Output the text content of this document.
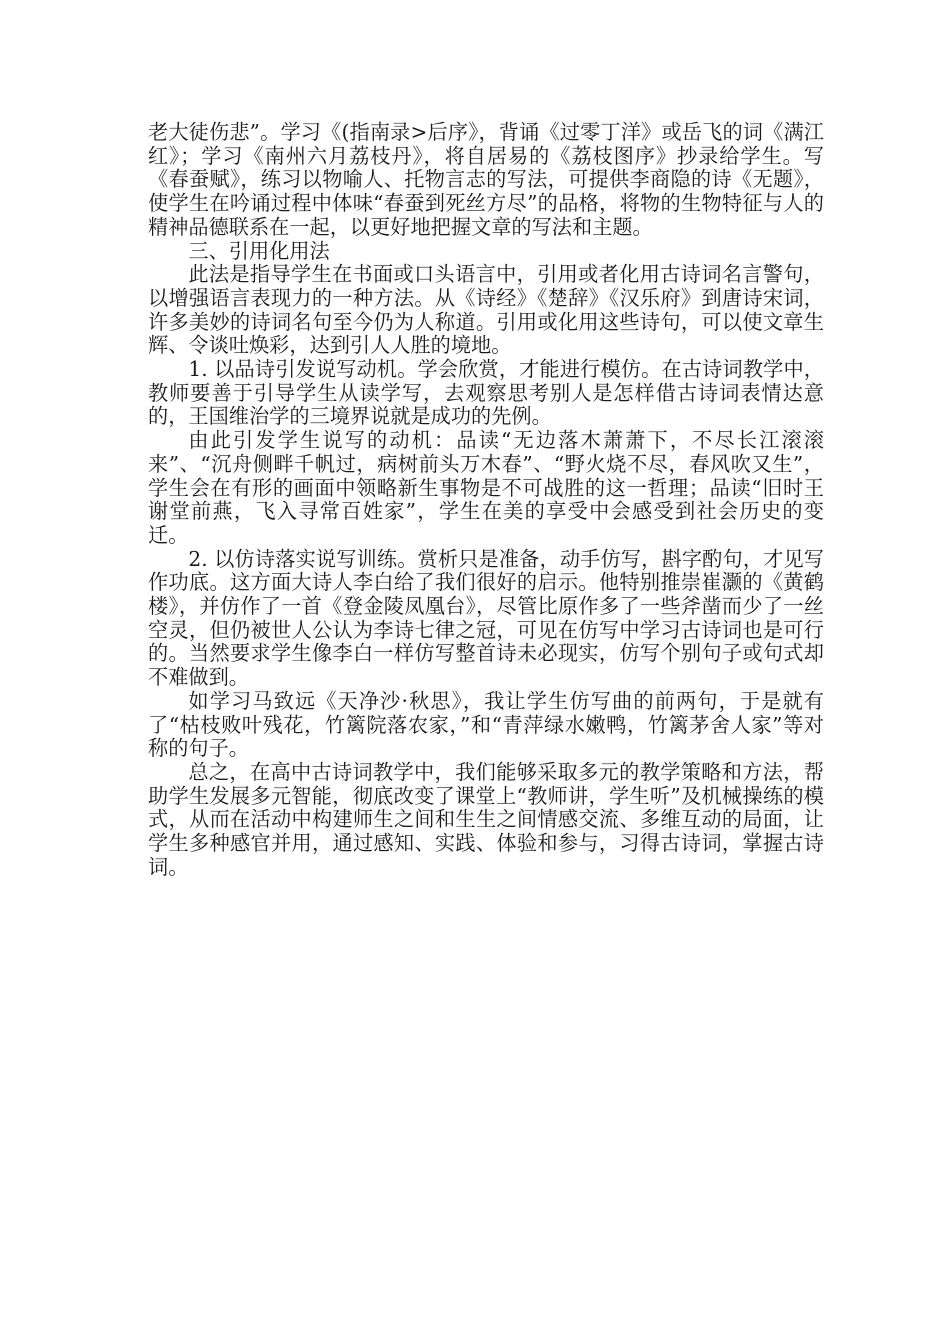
老大徒伤悲”。学习《(指南录>后序》，背诵《过零丁洋》或岳飞的词《满江红》；学习《南州六月荔枝丹》，将自居易的《荔枝图序》抄录给学生。写《春蚕赋》，练习以物喻人、托物言志的写法，可提供李商隐的诗《无题》，使学生在吟诵过程中体味“春蚕到死丝方尽”的品格，将物的生物特征与人的精神品德联系在一起，以更好地把握文章的写法和主题。

三、引用化用法

此法是指导学生在书面或口头语言中，引用或者化用古诗词名言警句，以增强语言表现力的一种方法。从《诗经》《楚辞》《汉乐府》到唐诗宋词，许多美妙的诗词名句至今仍为人称道。引用或化用这些诗句，可以使文章生辉、令谈吐焕彩，达到引人人胜的境地。

1. 以品诗引发说写动机。学会欣赏，才能进行模仿。在古诗词教学中，教师要善于引导学生从读学写，去观察思考别人是怎样借古诗词表情达意的，王国维治学的三境界说就是成功的先例。

由此引发学生说写的动机：品读“无边落木萧萧下，不尽长江滚滚来”、“沉舟侧畔千帆过，病树前头万木春”、“野火烧不尽，春风吹又生”，学生会在有形的画面中领略新生事物是不可战胜的这一哲理；品读“旧时王谢堂前燕，飞入寻常百姓家”，学生在美的享受中会感受到社会历史的变迁。

2. 以仿诗落实说写训练。赏析只是准备，动手仿写，斟字酌句，才见写作功底。这方面大诗人李白给了我们很好的启示。他特别推崇崔灏的《黄鹤楼》，并仿作了一首《登金陵凤凰台》，尽管比原作多了一些斧凿而少了一丝空灵，但仍被世人公认为李诗七律之冠，可见在仿写中学习古诗词也是可行的。当然要求学生像李白一样仿写整首诗未必现实，仿写个别句子或句式却不难做到。

如学习马致远《天净沙·秋思》，我让学生仿写曲的前两句，于是就有了“枯枝败叶残花，竹篱院落农家，”和“青萍绿水嫩鸭，竹篱茅舍人家”等对称的句子。

总之，在高中古诗词教学中，我们能够采取多元的教学策略和方法，帮助学生发展多元智能，彻底改变了课堂上“教师讲，学生听”及机械操练的模式，从而在活动中构建师生之间和生生之间情感交流、多维互动的局面，让学生多种感官并用，通过感知、实践、体验和参与，习得古诗词，掌握古诗词。
